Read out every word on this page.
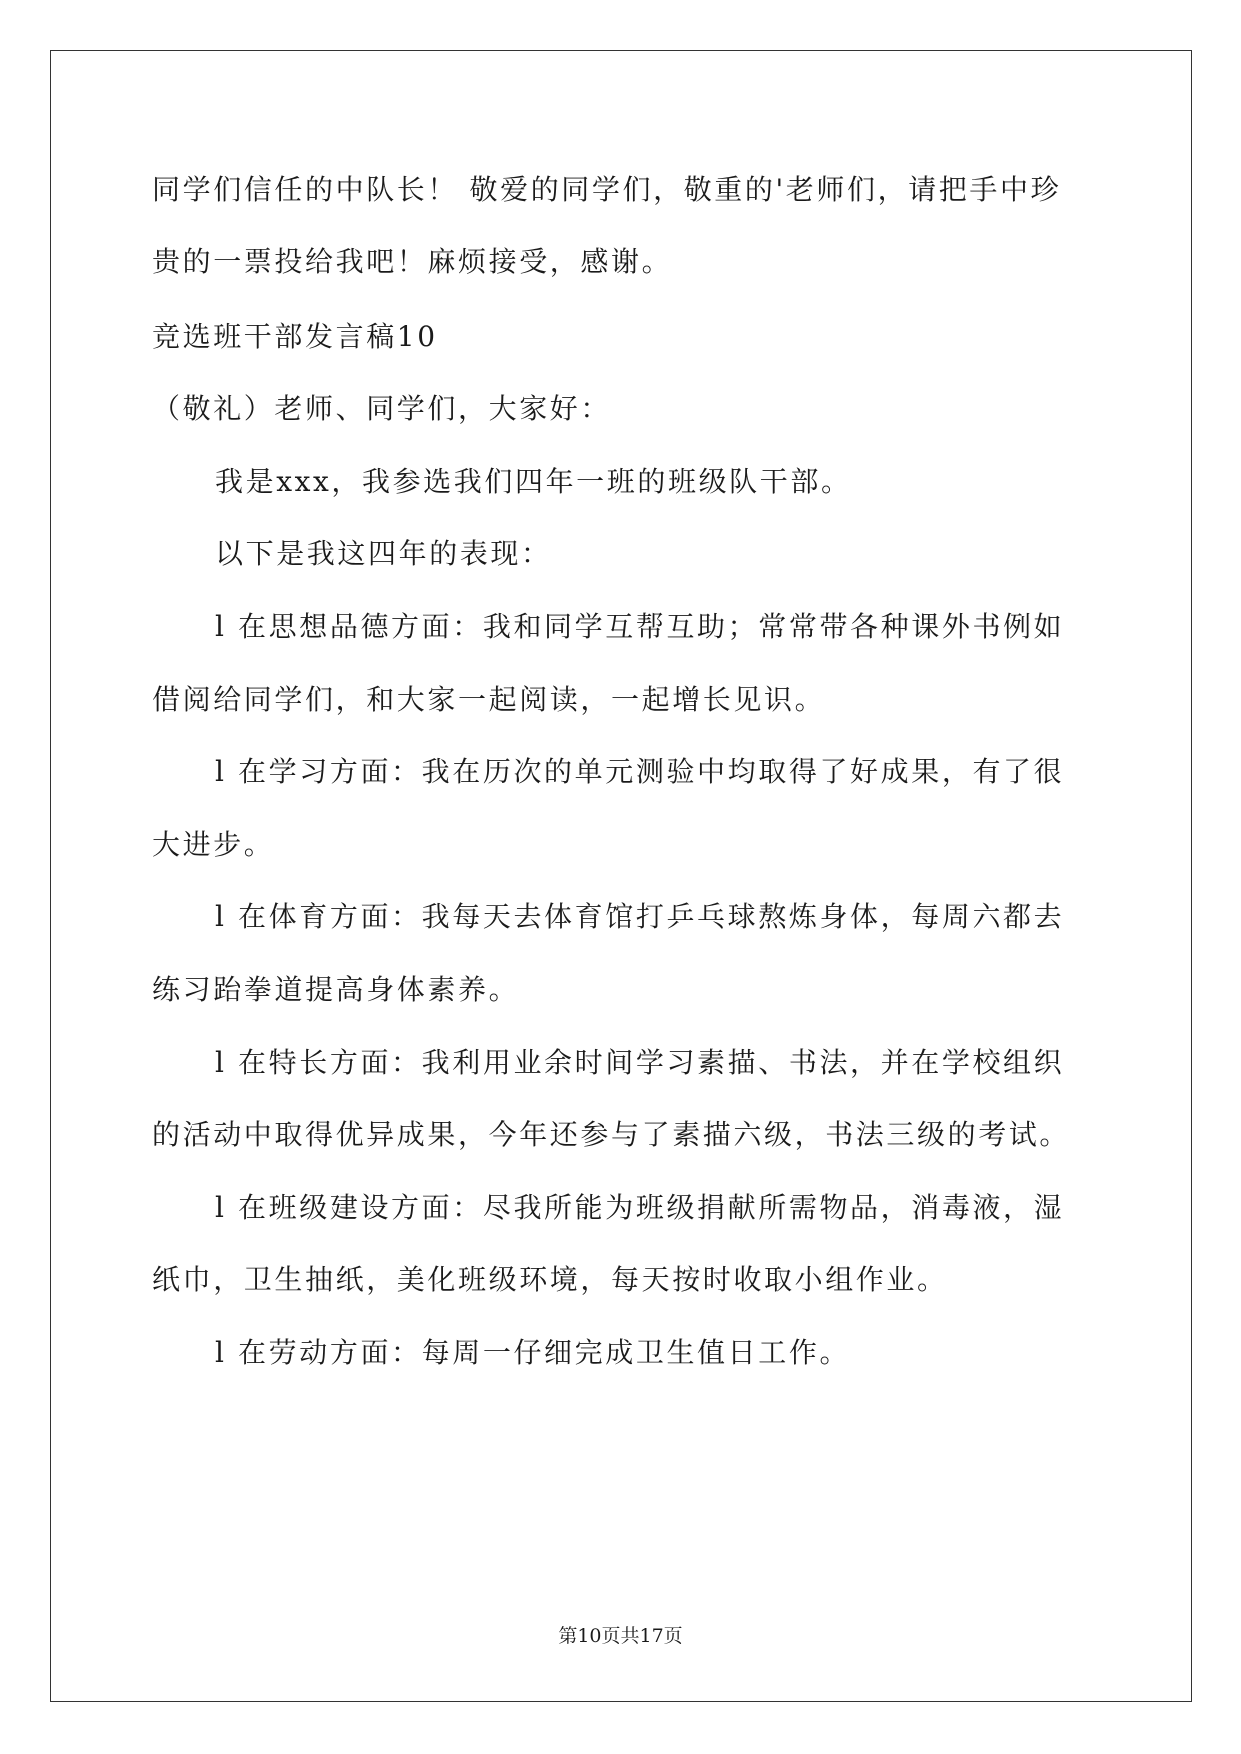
同学们信任的中队长！ 敬爱的同学们，敬重的'老师们，请把手中珍
贵的一票投给我吧！麻烦接受，感谢。
竞选班干部发言稿10
（敬礼）老师、同学们，大家好：
我是xxx，我参选我们四年一班的班级队干部。
以下是我这四年的表现：
l 在思想品德方面：我和同学互帮互助；常常带各种课外书例如
借阅给同学们，和大家一起阅读，一起增长见识。
l 在学习方面：我在历次的单元测验中均取得了好成果，有了很
大进步。
l 在体育方面：我每天去体育馆打乒乓球熬炼身体，每周六都去
练习跆拳道提高身体素养。
l 在特长方面：我利用业余时间学习素描、书法，并在学校组织
的活动中取得优异成果，今年还参与了素描六级，书法三级的考试。
l 在班级建设方面：尽我所能为班级捐献所需物品，消毒液，湿
纸巾，卫生抽纸，美化班级环境，每天按时收取小组作业。
l 在劳动方面：每周一仔细完成卫生值日工作。
第10页共17页
